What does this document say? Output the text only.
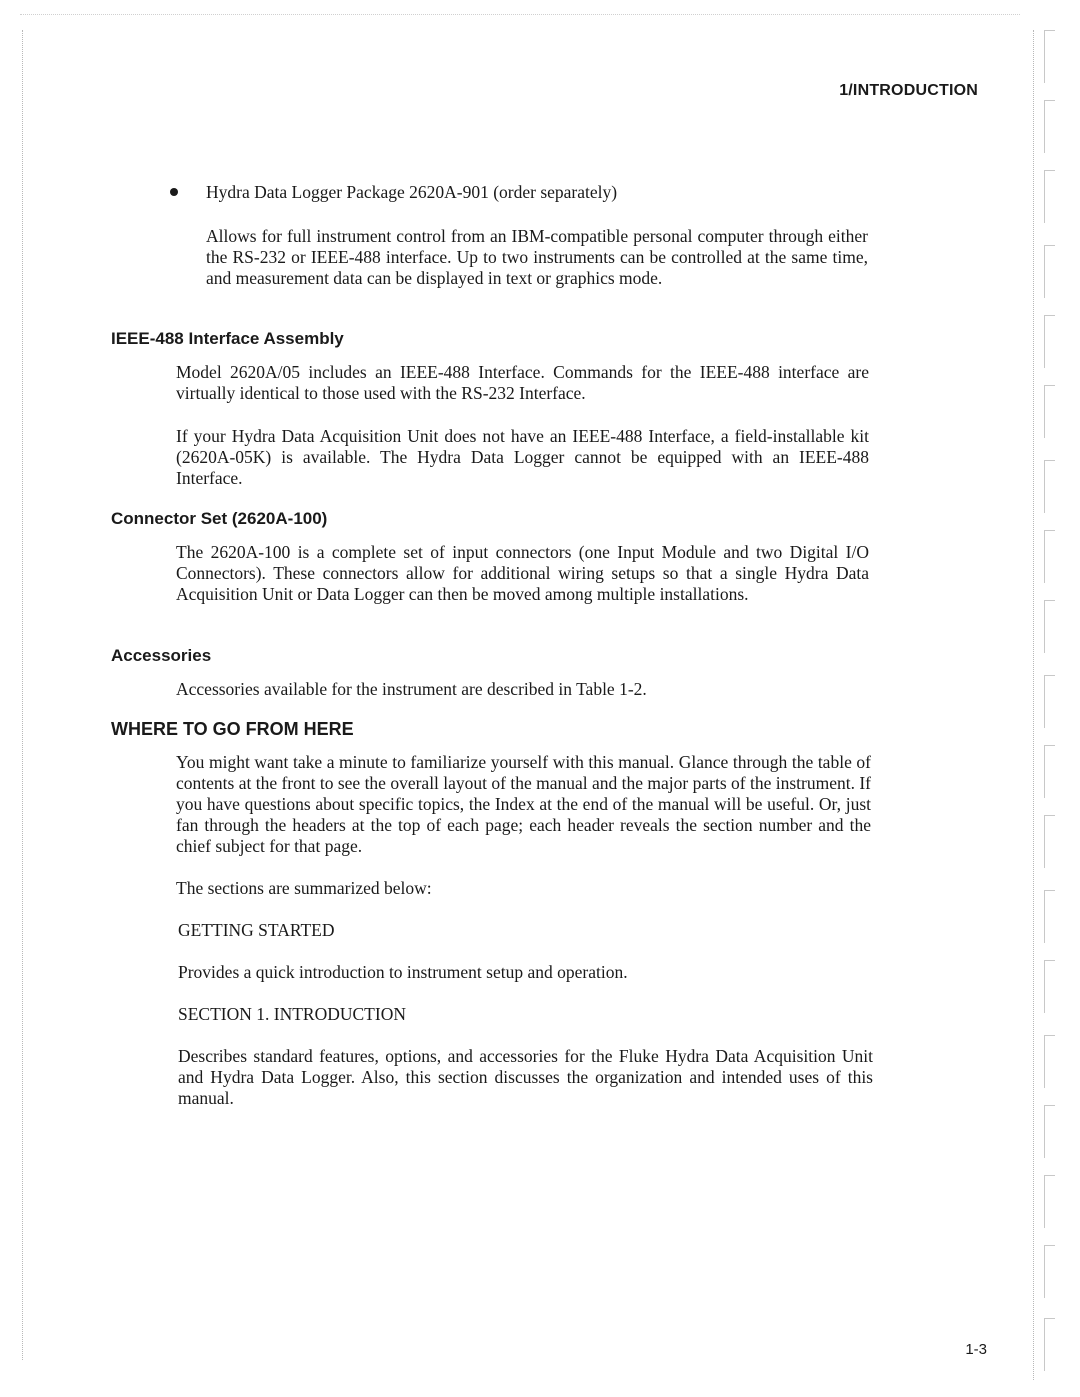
1/INTRODUCTION

Hydra Data Logger Package 2620A-901 (order separately)

Allows for full instrument control from an IBM-compatible personal computer through either the RS-232 or IEEE-488 interface. Up to two instruments can be controlled at the same time, and measurement data can be displayed in text or graphics mode.

IEEE-488 Interface Assembly

Model 2620A/05 includes an IEEE-488 Interface. Commands for the IEEE-488 interface are virtually identical to those used with the RS-232 Interface.

If your Hydra Data Acquisition Unit does not have an IEEE-488 Interface, a field-installable kit (2620A-05K) is available. The Hydra Data Logger cannot be equipped with an IEEE-488 Interface.

Connector Set (2620A-100)

The 2620A-100 is a complete set of input connectors (one Input Module and two Digital I/O Connectors). These connectors allow for additional wiring setups so that a single Hydra Data Acquisition Unit or Data Logger can then be moved among multiple installations.

Accessories

Accessories available for the instrument are described in Table 1-2.

WHERE TO GO FROM HERE

You might want take a minute to familiarize yourself with this manual. Glance through the table of contents at the front to see the overall layout of the manual and the major parts of the instrument. If you have questions about specific topics, the Index at the end of the manual will be useful. Or, just fan through the headers at the top of each page; each header reveals the section number and the chief subject for that page.

The sections are summarized below:

GETTING STARTED

Provides a quick introduction to instrument setup and operation.

SECTION 1. INTRODUCTION

Describes standard features, options, and accessories for the Fluke Hydra Data Acquisition Unit and Hydra Data Logger. Also, this section discusses the organization and intended uses of this manual.

1-3
